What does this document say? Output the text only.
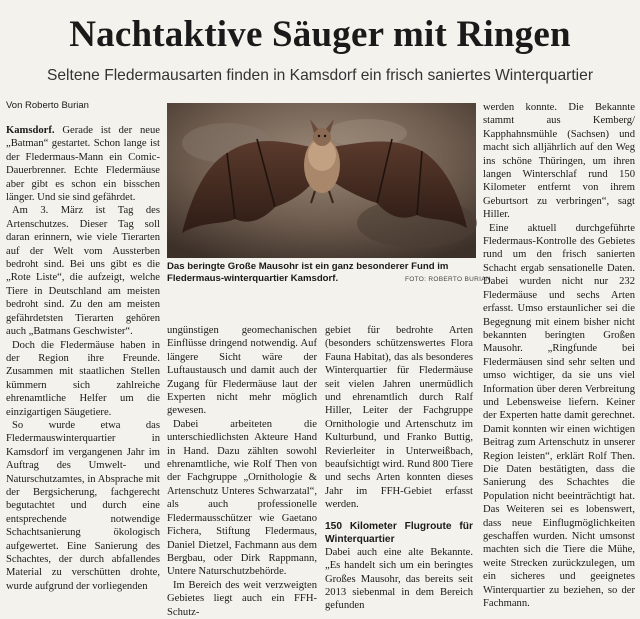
Nachtaktive Säuger mit Ringen
Seltene Fledermausarten finden in Kamsdorf ein frisch saniertes Winterquartier
Von Roberto Burian

Kamsdorf. Gerade ist der neue „Batman“ gestartet. Schon lange ist der Fledermaus-Mann ein Comic-Dauerbrenner. Echte Fledermäuse aber gibt es schon ein bisschen länger. Und sie sind gefährdet.

Am 3. März ist Tag des Artenschutzes. Dieser Tag soll daran erinnern, wie viele Tierarten auf der Welt vom Aussterben bedroht sind. Bei uns gibt es die „Rote Liste“, die aufzeigt, welche Tiere in Deutschland am meisten bedroht sind. Zu den am meisten gefährdetsten Tierarten gehören auch „Batmans Geschwister“.

Doch die Fledermäuse haben in der Region ihre Freunde. Zusammen mit staatlichen Stellen kümmern sich zahlreiche ehrenamtliche Helfer um die einzigartigen Säugetiere.

So wurde etwa das Fledermauswinterquartier in Kamsdorf im vergangenen Jahr im Auftrag des Umwelt- und Naturschutzamtes, in Absprache mit der Bergsicherung, fachgerecht begutachtet und durch eine entsprechende notwendige Schachtsanierung ökologisch aufgewertet. Eine Sanierung des Schachtes, der durch abfallendes Material zu verschütten drohte, wurde aufgrund der vorliegenden

Das beringte Große Mausohr ist ein ganz besonderer Fund im Fledermaus-winterquartier Kamsdorf.	FOTO: ROBERTO BURIAN

ungünstigen geomechanischen Einflüsse dringend notwendig. Auf längere Sicht wäre der Luftaustausch und damit auch der Zugang für Fledermäuse laut der Experten nicht mehr möglich gewesen.

Dabei arbeiteten die unterschiedlichsten Akteure Hand in Hand. Dazu zählten sowohl ehrenamtliche, wie Rolf Then von der Fachgruppe „Ornithologie & Artenschutz Unteres Schwarzatal“, als auch professionelle Fledermausschützer wie Gaetano Fichera, Stiftung Fledermaus, Daniel Dietzel, Fachmann aus dem Bergbau, oder Dirk Rappmann, Untere Naturschutzbehörde.

Im Bereich des weit verzweigten Gebietes liegt auch ein FFH-Schutz-

gebiet für bedrohte Arten (besonders schützenswertes Flora Fauna Habitat), das als besonderes Winterquartier für Fledermäuse seit vielen Jahren unermüdlich und ehrenamtlich durch Ralf Hiller, Leiter der Fachgruppe Ornithologie und Artenschutz im Kulturbund, und Franko Buttig, Revierleiter in Unterweißbach, beaufsichtigt wird. Rund 800 Tiere und sechs Arten konnten dieses Jahr im FFH-Gebiet erfasst werden.

150 Kilometer Flugroute für Winterquartier

Dabei auch eine alte Bekannte. „Es handelt sich um ein beringtes Großes Mausohr, das bereits seit 2013 siebenmal in dem Bereich gefunden

werden konnte. Die Bekannte stammt aus Kemberg/ Kapphahnsmühle (Sachsen) und macht sich alljährlich auf den Weg ins schöne Thüringen, um ihren langen Winterschlaf rund 150 Kilometer entfernt von ihrem Geburtsort zu verbringen“, sagt Hiller.

Eine aktuell durchgeführte Fledermaus-Kontrolle des Gebietes rund um den frisch sanierten Schacht ergab sensationelle Daten. Dabei wurden nicht nur 232 Fledermäuse und sechs Arten erfasst. Umso erstaunlicher sei die Begegnung mit einem bisher nicht bekannten beringten Großen Mausohr. „Ringfunde bei Fledermäusen sind sehr selten und umso wichtiger, da sie uns viel Information über deren Verbreitung und Lebensweise liefern. Keiner der Experten hatte damit gerechnet. Damit konnten wir einen wichtigen Beitrag zum Artenschutz in unserer Region leisten“, erklärt Rolf Then. Die Daten bestätigten, dass die Sanierung des Schachtes die Population nicht beeinträchtigt hat. Das Weiteren sei es lobenswert, dass neue Einflugmöglichkeiten geschaffen wurden. Nicht umsonst machten sich die Tiere die Mühe, weite Strecken zurückzulegen, um ein sicheres und geeignetes Winterquartier zu beziehen, so der Fachmann.
